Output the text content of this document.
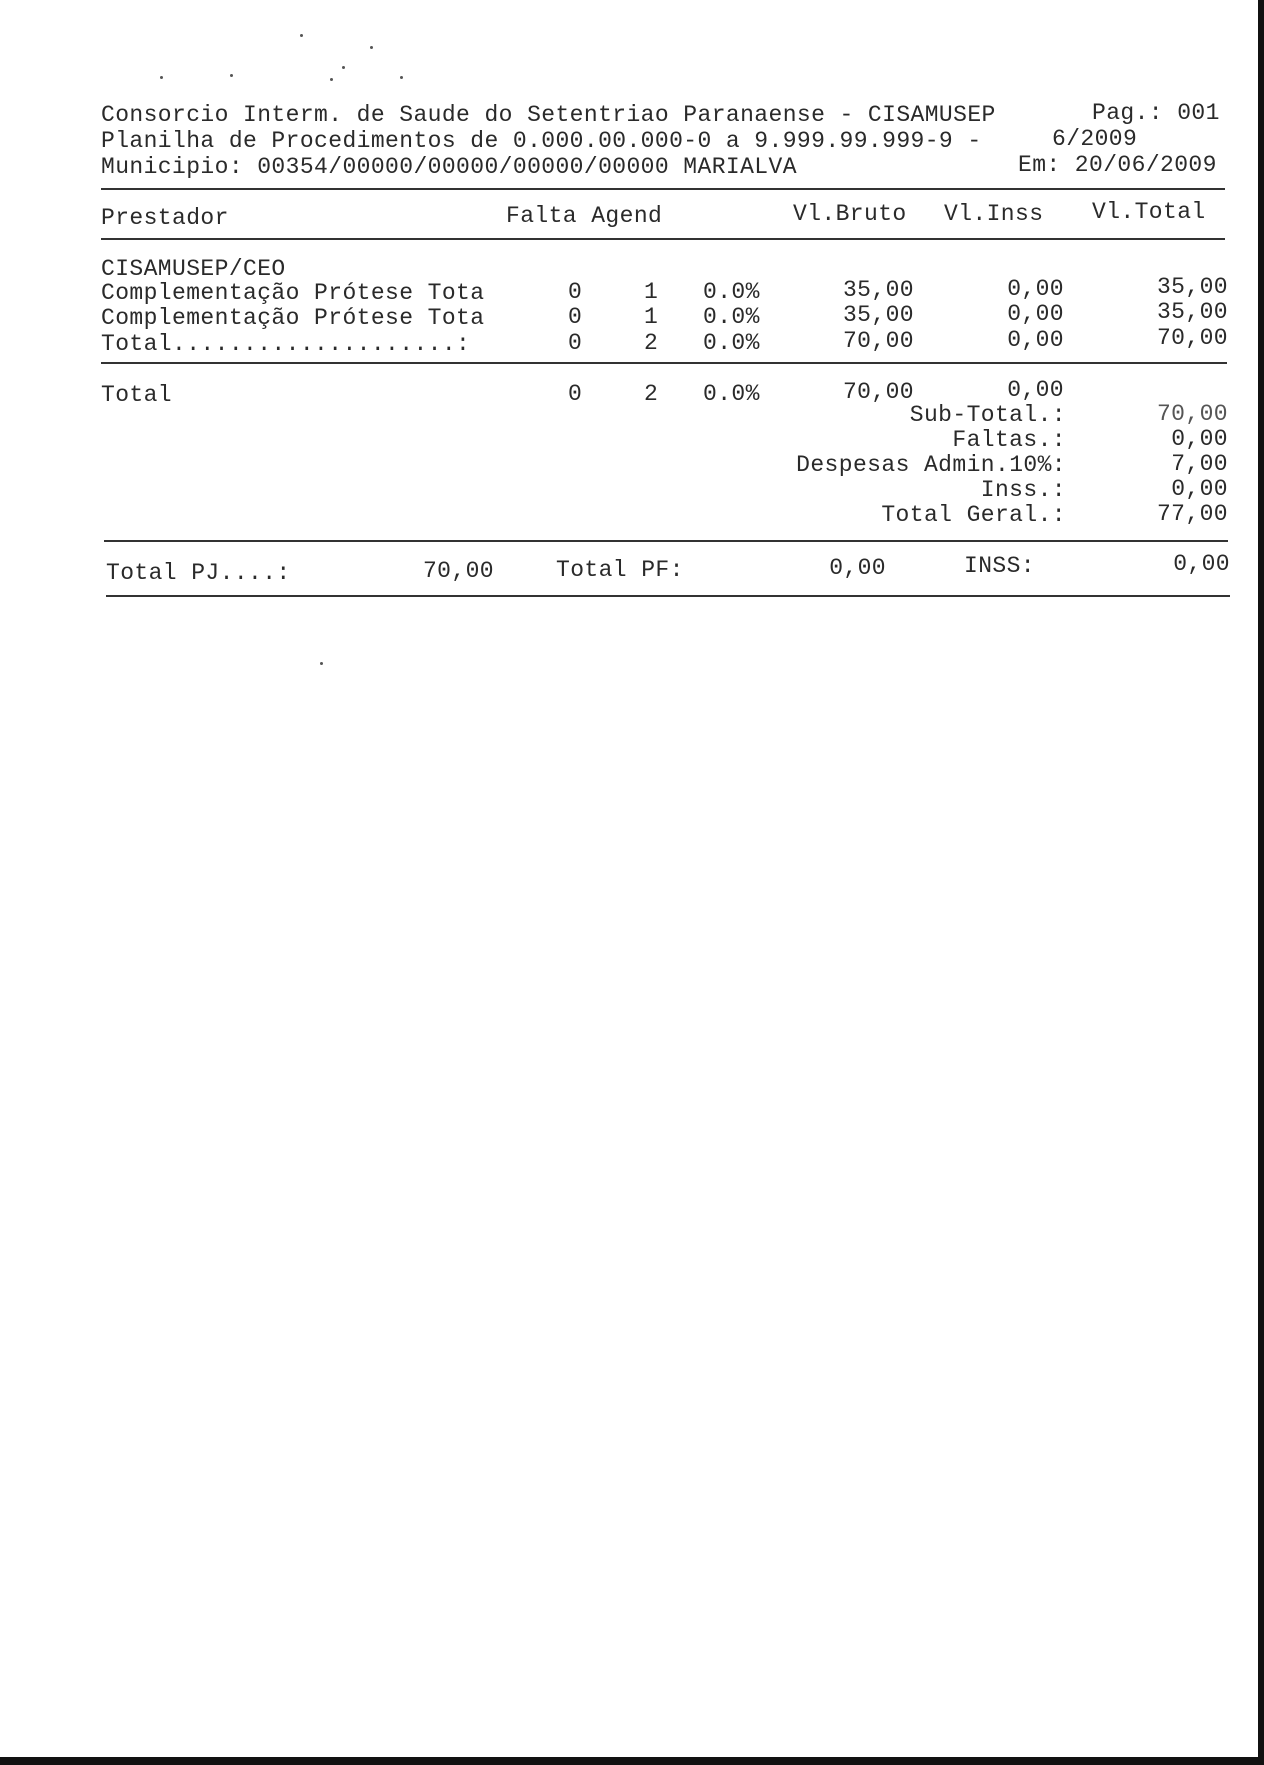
Consorcio Interm. de Saude do Setentriao Paranaense - CISAMUSEP	Pag.: 001
Planilha de Procedimentos de 0.000.00.000-0 a 9.999.99.999-9 -	6/2009
Municipio: 00354/00000/00000/00000/00000 MARIALVA	Em: 20/06/2009
Prestador	Falta Agend	Vl.Bruto Vl.Inss Vl.Total
CISAMUSEP/CEO
Complementação Prótese Tota	0	1 0.0%	35,00	0,00	35,00
Complementação Prótese Tota	0	1 0.0%	35,00	0,00	35,00
Total....................:	0	2 0.0%	70,00	0,00	70,00
Total	0	2 0.0%	70,00	0,00
Sub-Total.:	70,00
Faltas.:	0,00
Despesas Admin.10%:	7,00
Inss.:	0,00
Total Geral.:	77,00
Total PJ....:	70,00	Total PF:	0,00	INSS:	0,00
